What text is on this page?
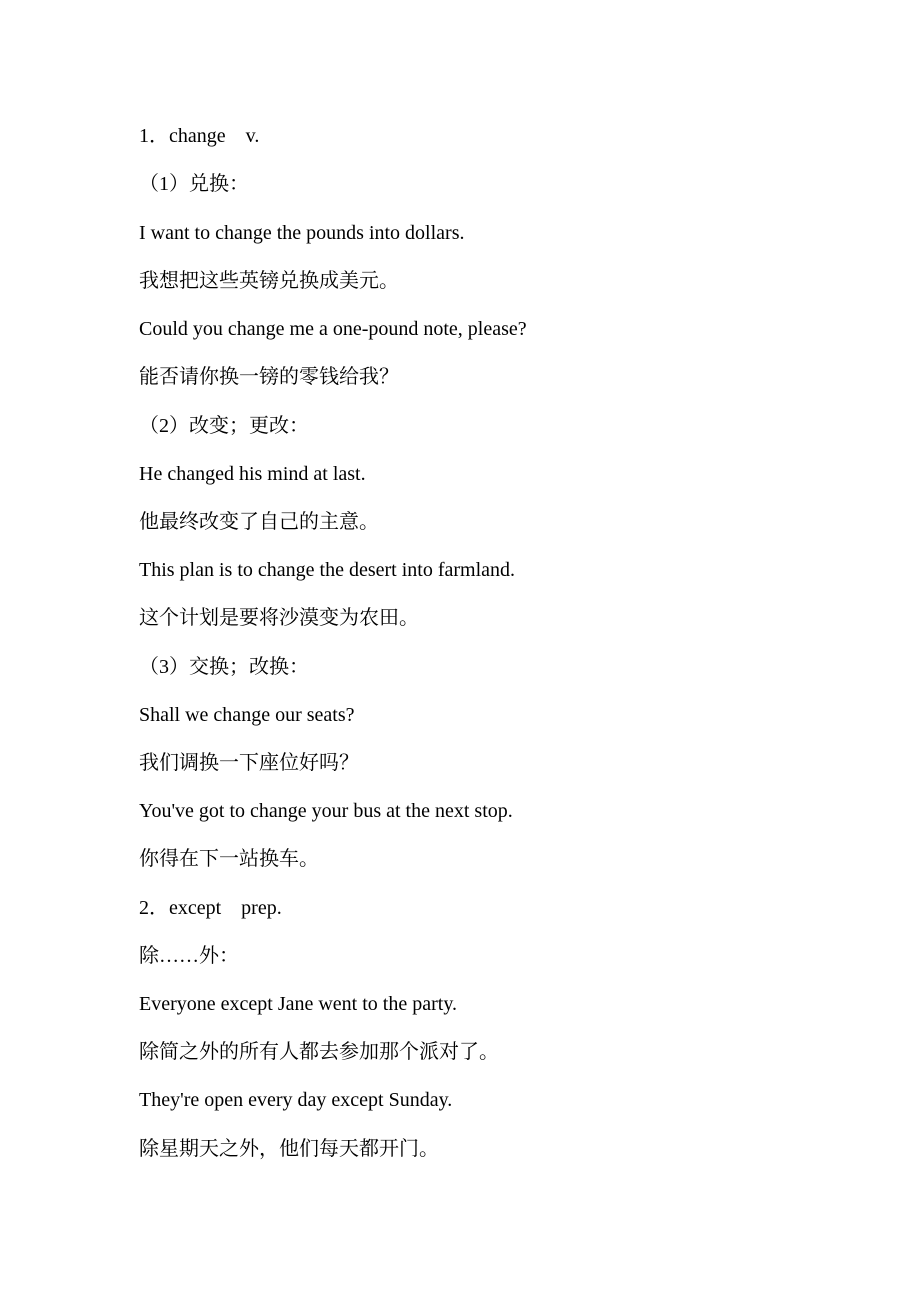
1．change    v.
（1）兑换：
I want to change the pounds into dollars.
我想把这些英镑兑换成美元。
Could you change me a one-pound note, please?
能否请你换一镑的零钱给我？
（2）改变；更改：
He changed his mind at last.
他最终改变了自己的主意。
This plan is to change the desert into farmland.
这个计划是要将沙漠变为农田。
（3）交换；改换：
Shall we change our seats?
我们调换一下座位好吗？
You've got to change your bus at the next stop.
你得在下一站换车。
2．except    prep.
除……外：
Everyone except Jane went to the party.
除简之外的所有人都去参加那个派对了。
They're open every day except Sunday.
除星期天之外，他们每天都开门。
